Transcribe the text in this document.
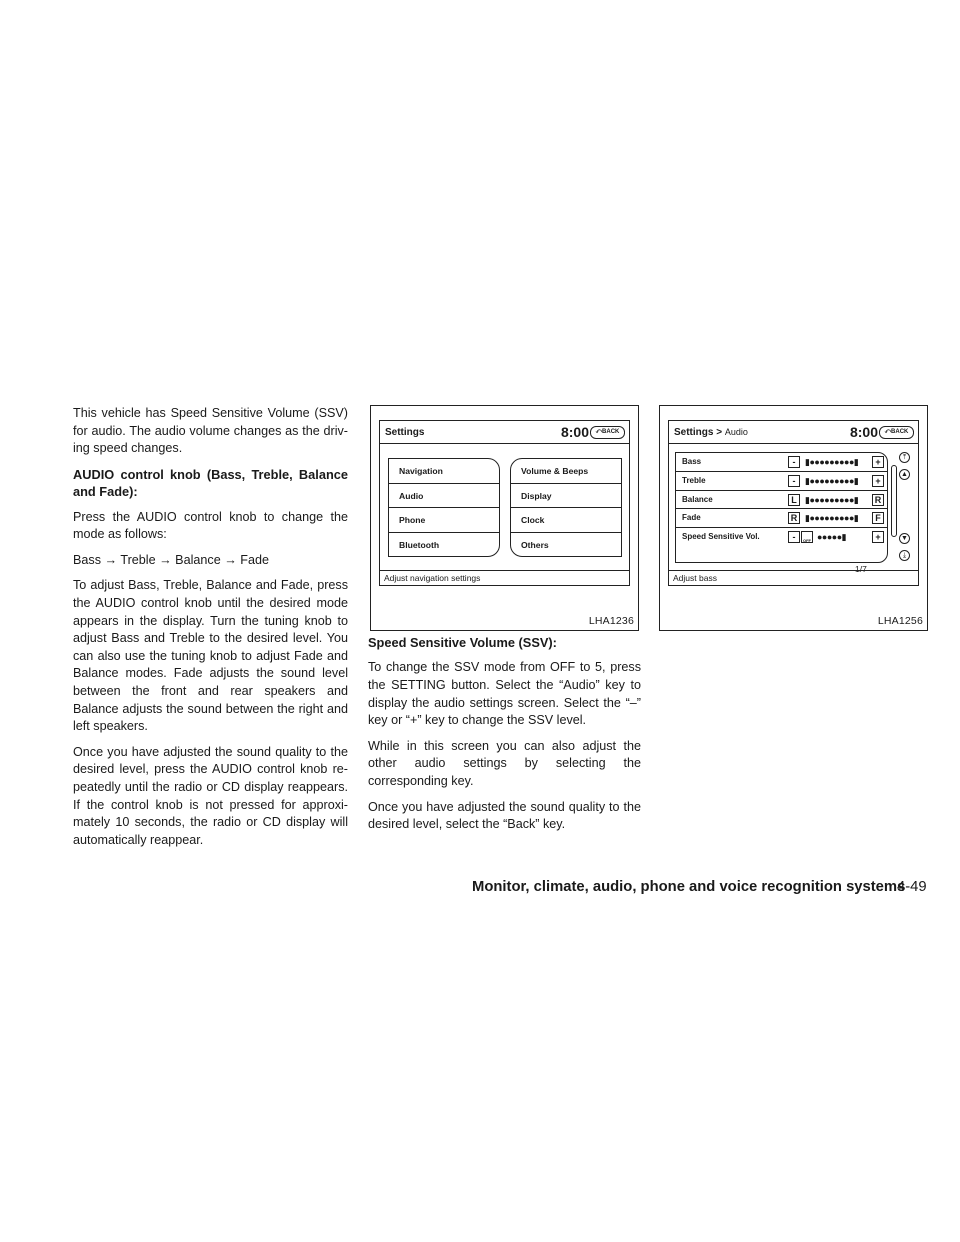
This vehicle has Speed Sensitive Volume (SSV) for audio. The audio volume changes as the driv-ing speed changes.

AUDIO control knob (Bass, Treble, Balance and Fade):

Press the AUDIO control knob to change the mode as follows:

Bass → Treble → Balance → Fade

To adjust Bass, Treble, Balance and Fade, press the AUDIO control knob until the desired mode appears in the display. Turn the tuning knob to adjust Bass and Treble to the desired level. You can also use the tuning knob to adjust Fade and Balance modes. Fade adjusts the sound level between the front and rear speakers and Balance adjusts the sound between the right and left speakers.

Once you have adjusted the sound quality to the desired level, press the AUDIO control knob re-peatedly until the radio or CD display reappears. If the control knob is not pressed for approxi-mately 10 seconds, the radio or CD display will automatically reappear.

Settings	8:00	⤺BACK
Navigation
Audio
Phone
Bluetooth
Volume & Beeps
Display
Clock
Others
Adjust navigation settings
LHA1236
Settings > Audio	8:00	⤺BACK
Bass	-	▮●●●●●●●●●▮	+
Treble	-	▮●●●●●●●●●▮	+
Balance	L ▮●●●●●●●●●▮	R
Fade	R ▮●●●●●●●●●▮	F
Speed Sensitive Vol.	-	OFF ●●●●●▮	+
⤒
▲
▼
⤓
1/7
Adjust bass
LHA1256
Speed Sensitive Volume (SSV):

To change the SSV mode from OFF to 5, press the SETTING button. Select the “Audio” key to display the audio settings screen. Select the “–” key or “+” key to change the SSV level.

While in this screen you can also adjust the other audio settings by selecting the corresponding key.

Once you have adjusted the sound quality to the desired level, select the “Back” key.

Monitor, climate, audio, phone and voice recognition systems
4-49
